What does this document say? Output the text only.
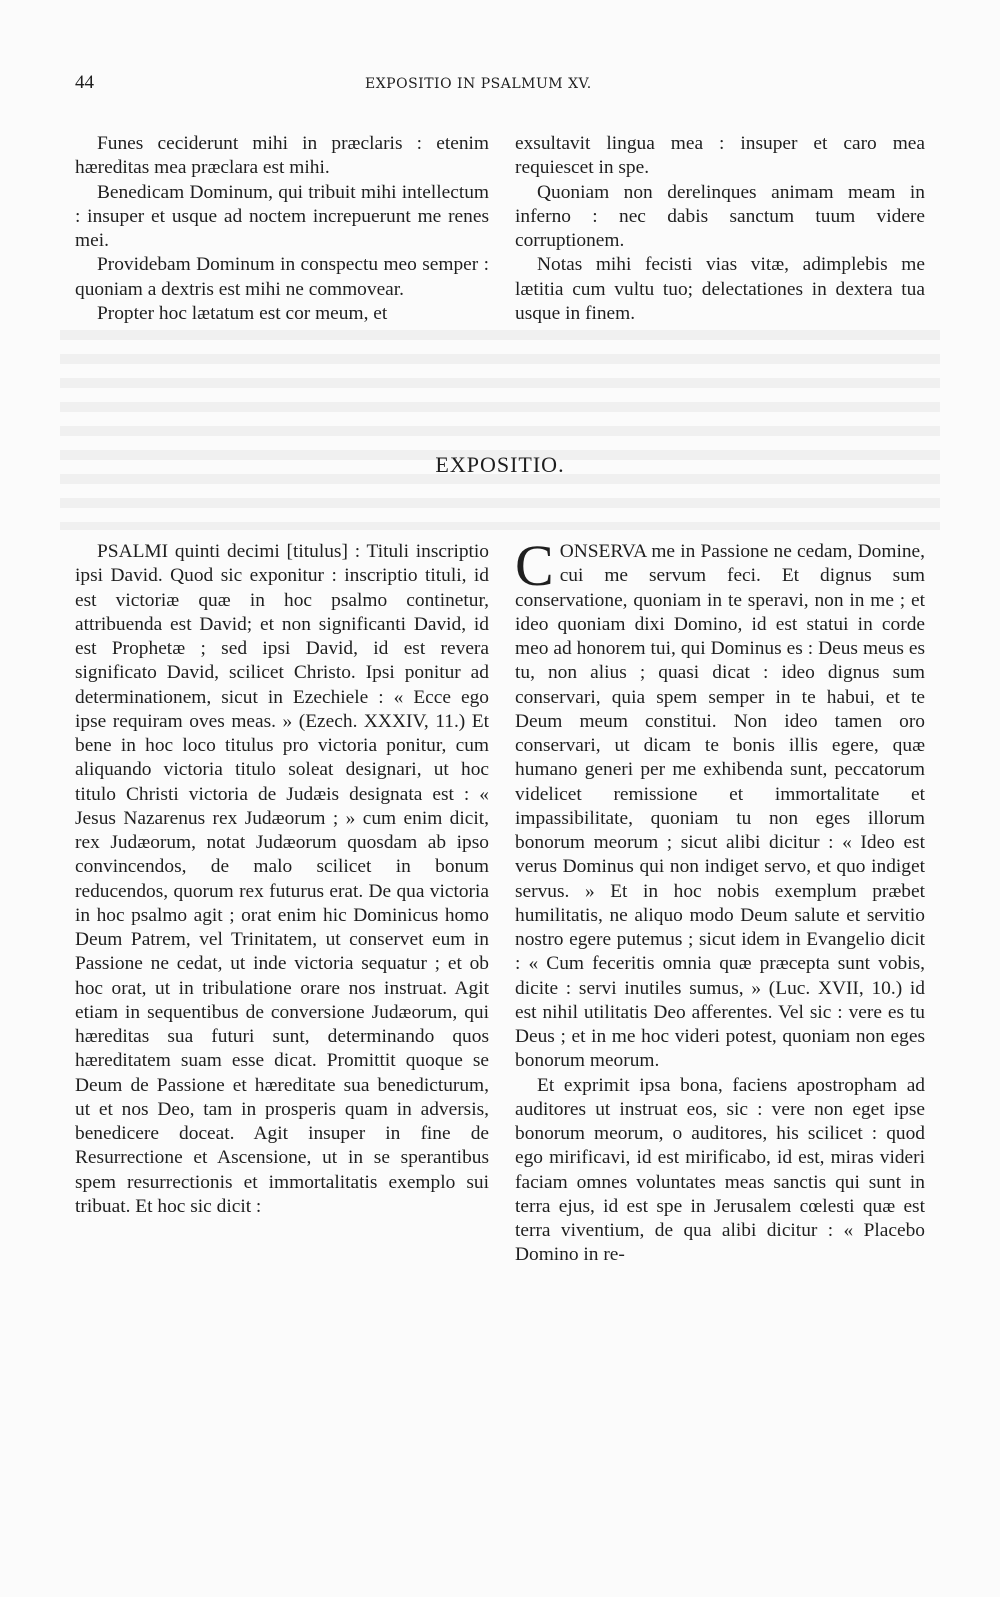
44	EXPOSITIO IN PSALMUM XV.

Funes ceciderunt mihi in præclaris : etenim hæreditas mea præclara est mihi.

Benedicam Dominum, qui tribuit mihi intellectum : insuper et usque ad noctem increpuerunt me renes mei.

Providebam Dominum in conspectu meo semper : quoniam a dextris est mihi ne commovear.

Propter hoc lætatum est cor meum, et

exsultavit lingua mea : insuper et caro mea requiescet in spe.

Quoniam non derelinques animam meam in inferno : nec dabis sanctum tuum videre corruptionem.

Notas mihi fecisti vias vitæ, adimplebis me lætitia cum vultu tuo; delectationes in dextera tua usque in finem.

EXPOSITIO.

PSALMI quinti decimi [titulus] : Tituli inscriptio ipsi David. Quod sic exponitur : inscriptio tituli, id est victoriæ quæ in hoc psalmo continetur, attribuenda est David; et non significanti David, id est Prophetæ ; sed ipsi David, id est revera significato David, scilicet Christo. Ipsi ponitur ad determinationem, sicut in Ezechiele : « Ecce ego ipse requiram oves meas. » (Ezech. XXXIV, 11.) Et bene in hoc loco titulus pro victoria ponitur, cum aliquando victoria titulo soleat designari, ut hoc titulo Christi victoria de Judæis designata est : « Jesus Nazarenus rex Judæorum ; » cum enim dicit, rex Judæorum, notat Judæorum quosdam ab ipso convincendos, de malo scilicet in bonum reducendos, quorum rex futurus erat. De qua victoria in hoc psalmo agit ; orat enim hic Dominicus homo Deum Patrem, vel Trinitatem, ut conservet eum in Passione ne cedat, ut inde victoria sequatur ; et ob hoc orat, ut in tribulatione orare nos instruat. Agit etiam in sequentibus de conversione Judæorum, qui hæreditas sua futuri sunt, determinando quos hæreditatem suam esse dicat. Promittit quoque se Deum de Passione et hæreditate sua benedicturum, ut et nos Deo, tam in prosperis quam in adversis, benedicere doceat. Agit insuper in fine de Resurrectione et Ascensione, ut in se sperantibus spem resurrectionis et immortalitatis exemplo sui tribuat. Et hoc sic dicit :

CONSERVA me in Passione ne cedam, Domine, cui me servum feci. Et dignus sum conservatione, quoniam in te speravi, non in me ; et ideo quoniam dixi Domino, id est statui in corde meo ad honorem tui, qui Dominus es : Deus meus es tu, non alius ; quasi dicat : ideo dignus sum conservari, quia spem semper in te habui, et te Deum meum constitui. Non ideo tamen oro conservari, ut dicam te bonis illis egere, quæ humano generi per me exhibenda sunt, peccatorum videlicet remissione et immortalitate et impassibilitate, quoniam tu non eges illorum bonorum meorum ; sicut alibi dicitur : « Ideo est verus Dominus qui non indiget servo, et quo indiget servus. » Et in hoc nobis exemplum præbet humilitatis, ne aliquo modo Deum salute et servitio nostro egere putemus ; sicut idem in Evangelio dicit : « Cum feceritis omnia quæ præcepta sunt vobis, dicite : servi inutiles sumus, » (Luc. XVII, 10.) id est nihil utilitatis Deo afferentes. Vel sic : vere es tu Deus ; et in me hoc videri potest, quoniam non eges bonorum meorum.

Et exprimit ipsa bona, faciens apostropham ad auditores ut instruat eos, sic : vere non eget ipse bonorum meorum, o auditores, his scilicet : quod ego mirificavi, id est mirificabo, id est, miras videri faciam omnes voluntates meas sanctis qui sunt in terra ejus, id est spe in Jerusalem cœlesti quæ est terra viventium, de qua alibi dicitur : « Placebo Domino in re-
